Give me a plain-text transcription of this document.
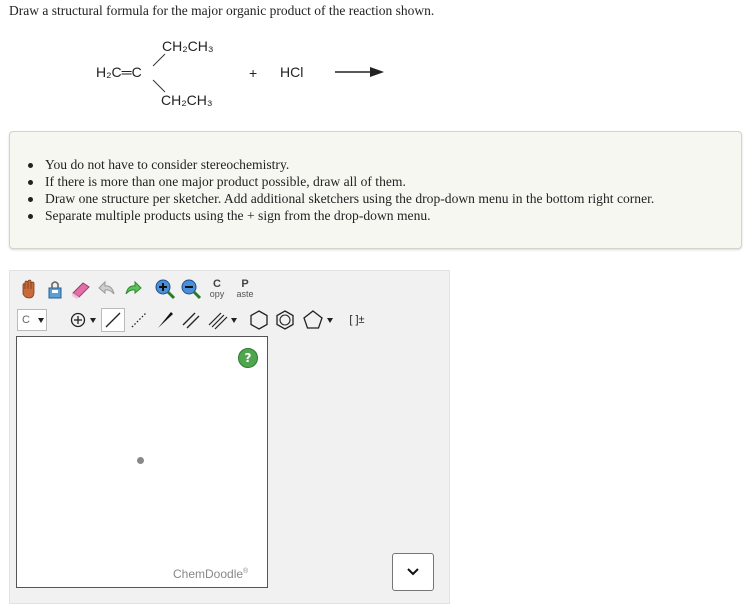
Draw a structural formula for the major organic product of the reaction shown.
CH₂CH₃
H₂C═C
CH₂CH₃
+ HCl
You do not have to consider stereochemistry.
If there is more than one major product possible, draw all of them.
Draw one structure per sketcher. Add additional sketchers using the drop-down menu in the bottom right corner.
Separate multiple products using the + sign from the drop-down menu.
C
opy
P
aste
C	[ ]±
?
ChemDoodle®
